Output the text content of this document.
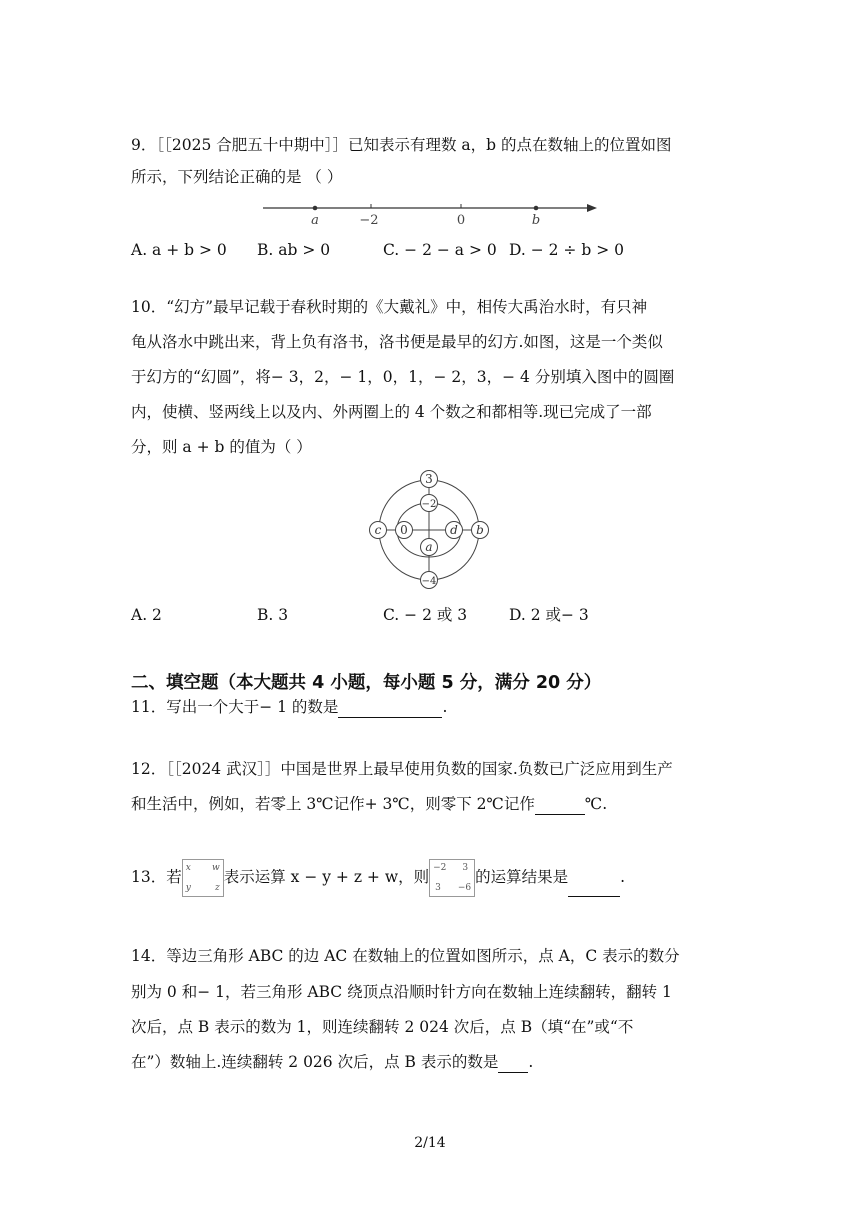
9．［［2025 合肥五十中期中］］已知表示有理数 a，b 的点在数轴上的位置如图
所示，下列结论正确的是 （ ）
a	−2	0	b
A. a + b > 0 B. ab > 0	C. − 2 − a > 0 D. − 2 ÷ b > 0
10．“幻方”最早记载于春秋时期的《大戴礼》中，相传大禹治水时，有只神
龟从洛水中跳出来，背上负有洛书，洛书便是最早的幻方.如图，这是一个类似
于幻方的“幻圆”，将− 3，2，− 1，0，1，− 2，3，− 4 分别填入图中的圆圈
内，使横、竖两线上以及内、外两圈上的 4 个数之和都相等.现已完成了一部
分，则 a + b 的值为（ ）
3
−2
c 0	d b
a
−4
A. 2	B. 3	C. − 2 或 3	D. 2 或− 3
二、填空题（本大题共 4 小题，每小题 5 分，满分 20 分）
11．写出一个大于− 1 的数是	.
12．［［2024 武汉］］中国是世界上最早使用负数的国家.负数已广泛应用到生产
和生活中，例如，若零上 3℃记作+ 3℃，则零下 2℃记作	℃.
13．若 x w
y	z
表示运算 x − y + z + w，则 −2 3
3 −6
的运算结果是	.
14．等边三角形 ABC 的边 AC 在数轴上的位置如图所示，点 A，C 表示的数分
别为 0 和− 1，若三角形 ABC 绕顶点沿顺时针方向在数轴上连续翻转，翻转 1
次后，点 B 表示的数为 1，则连续翻转 2 024 次后，点 B（填“在”或“不
在”）数轴上.连续翻转 2 026 次后，点 B 表示的数是 .
2/14
